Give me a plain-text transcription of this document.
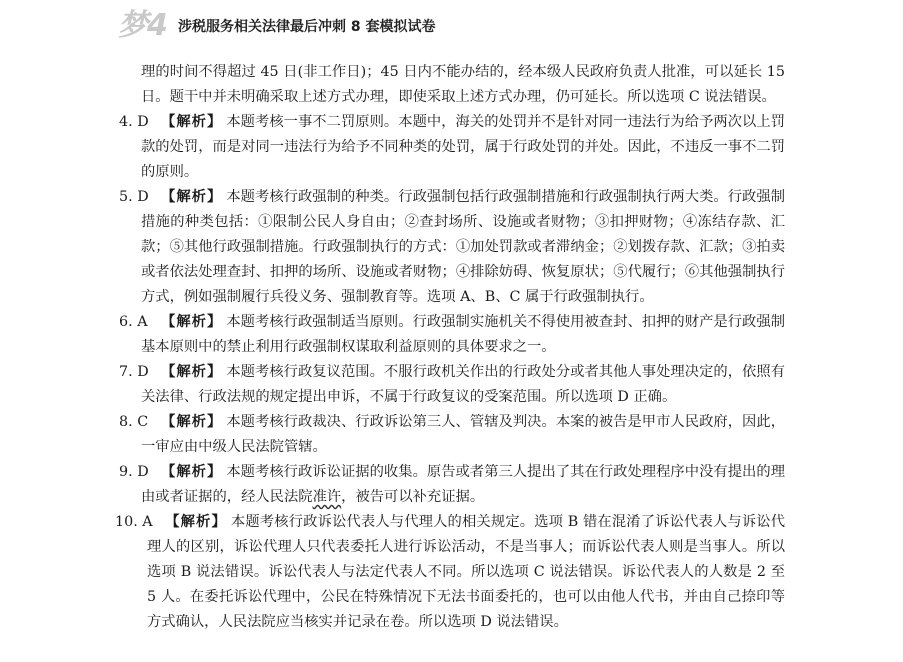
梦4 涉税服务相关法律最后冲刺 8 套模拟试卷

理的时间不得超过 45 日(非工作日)；45 日内不能办结的，经本级人民政府负责人批准，可以延长 15 日。题干中并未明确采取上述方式办理，即使采取上述方式办理，仍可延长。所以选项 C 说法错误。

4. D 【解析】 本题考核一事不二罚原则。本题中，海关的处罚并不是针对同一违法行为给予两次以上罚款的处罚，而是对同一违法行为给予不同种类的处罚，属于行政处罚的并处。因此，不违反一事不二罚的原则。

5. D 【解析】 本题考核行政强制的种类。行政强制包括行政强制措施和行政强制执行两大类。行政强制措施的种类包括：①限制公民人身自由；②查封场所、设施或者财物；③扣押财物；④冻结存款、汇款；⑤其他行政强制措施。行政强制执行的方式：①加处罚款或者滞纳金；②划拨存款、汇款；③拍卖或者依法处理查封、扣押的场所、设施或者财物；④排除妨碍、恢复原状；⑤代履行；⑥其他强制执行方式，例如强制履行兵役义务、强制教育等。选项 A、B、C 属于行政强制执行。

6. A 【解析】 本题考核行政强制适当原则。行政强制实施机关不得使用被查封、扣押的财产是行政强制基本原则中的禁止利用行政强制权谋取利益原则的具体要求之一。

7. D 【解析】 本题考核行政复议范围。不服行政机关作出的行政处分或者其他人事处理决定的，依照有关法律、行政法规的规定提出申诉，不属于行政复议的受案范围。所以选项 D 正确。

8. C 【解析】 本题考核行政裁决、行政诉讼第三人、管辖及判决。本案的被告是甲市人民政府，因此，一审应由中级人民法院管辖。

9. D 【解析】 本题考核行政诉讼证据的收集。原告或者第三人提出了其在行政处理程序中没有提出的理由或者证据的，经人民法院准许，被告可以补充证据。

10. A 【解析】 本题考核行政诉讼代表人与代理人的相关规定。选项 B 错在混淆了诉讼代表人与诉讼代理人的区别，诉讼代理人只代表委托人进行诉讼活动，不是当事人；而诉讼代表人则是当事人。所以选项 B 说法错误。诉讼代表人与法定代表人不同。所以选项 C 说法错误。诉讼代表人的人数是 2 至 5 人。在委托诉讼代理中，公民在特殊情况下无法书面委托的，也可以由他人代书，并由自己捺印等方式确认，人民法院应当核实并记录在卷。所以选项 D 说法错误。
